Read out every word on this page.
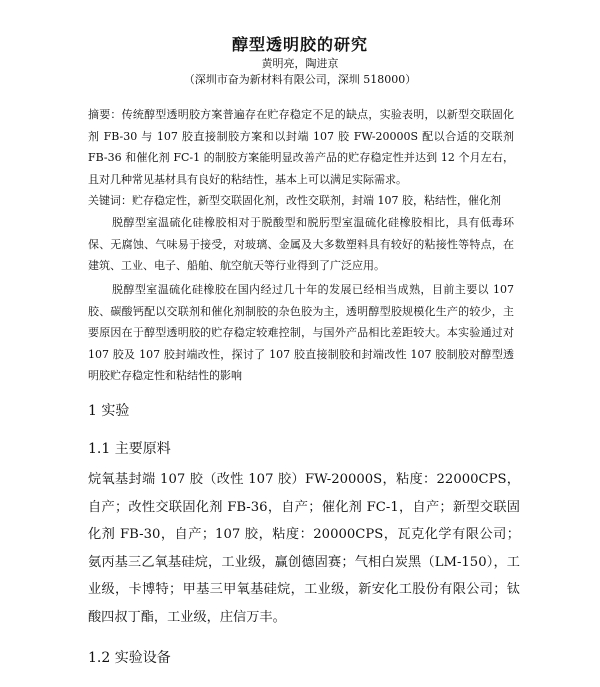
醇型透明胶的研究
黄明亮，陶进京
（深圳市奋为新材料有限公司，深圳 518000）
摘要：传统醇型透明胶方案普遍存在贮存稳定不足的缺点，实验表明，以新型交联固化剂 FB-30 与 107 胶直接制胶方案和以封端 107 胶 FW-20000S 配以合适的交联剂 FB-36 和催化剂 FC-1 的制胶方案能明显改善产品的贮存稳定性并达到 12 个月左右，且对几种常见基材具有良好的粘结性，基本上可以满足实际需求。
关键词：贮存稳定性，新型交联固化剂，改性交联剂，封端 107 胶，粘结性，催化剂
脱醇型室温硫化硅橡胶相对于脱酸型和脱肟型室温硫化硅橡胶相比，具有低毒环保、无腐蚀、气味易于接受，对玻璃、金属及大多数塑料具有较好的粘接性等特点，在建筑、工业、电子、船舶、航空航天等行业得到了广泛应用。
脱醇型室温硫化硅橡胶在国内经过几十年的发展已经相当成熟，目前主要以 107 胶、碳酸钙配以交联剂和催化剂制胶的杂色胶为主，透明醇型胶规模化生产的较少，主要原因在于醇型透明胶的贮存稳定较难控制，与国外产品相比差距较大。本实验通过对 107 胶及 107 胶封端改性，探讨了 107 胶直接制胶和封端改性 107 胶制胶对醇型透明胶贮存稳定性和粘结性的影响
1 实验
1.1 主要原料
烷氧基封端 107 胶（改性 107 胶）FW-20000S，粘度：22000CPS，自产；改性交联固化剂 FB-36，自产；催化剂 FC-1，自产；新型交联固化剂 FB-30，自产；107 胶，粘度：20000CPS，瓦克化学有限公司；氨丙基三乙氧基硅烷，工业级，赢创德固赛；气相白炭黑（LM-150），工业级，卡博特；甲基三甲氧基硅烷，工业级，新安化工股份有限公司；钛酸四叔丁酯，工业级，庄信万丰。
1.2 实验设备
